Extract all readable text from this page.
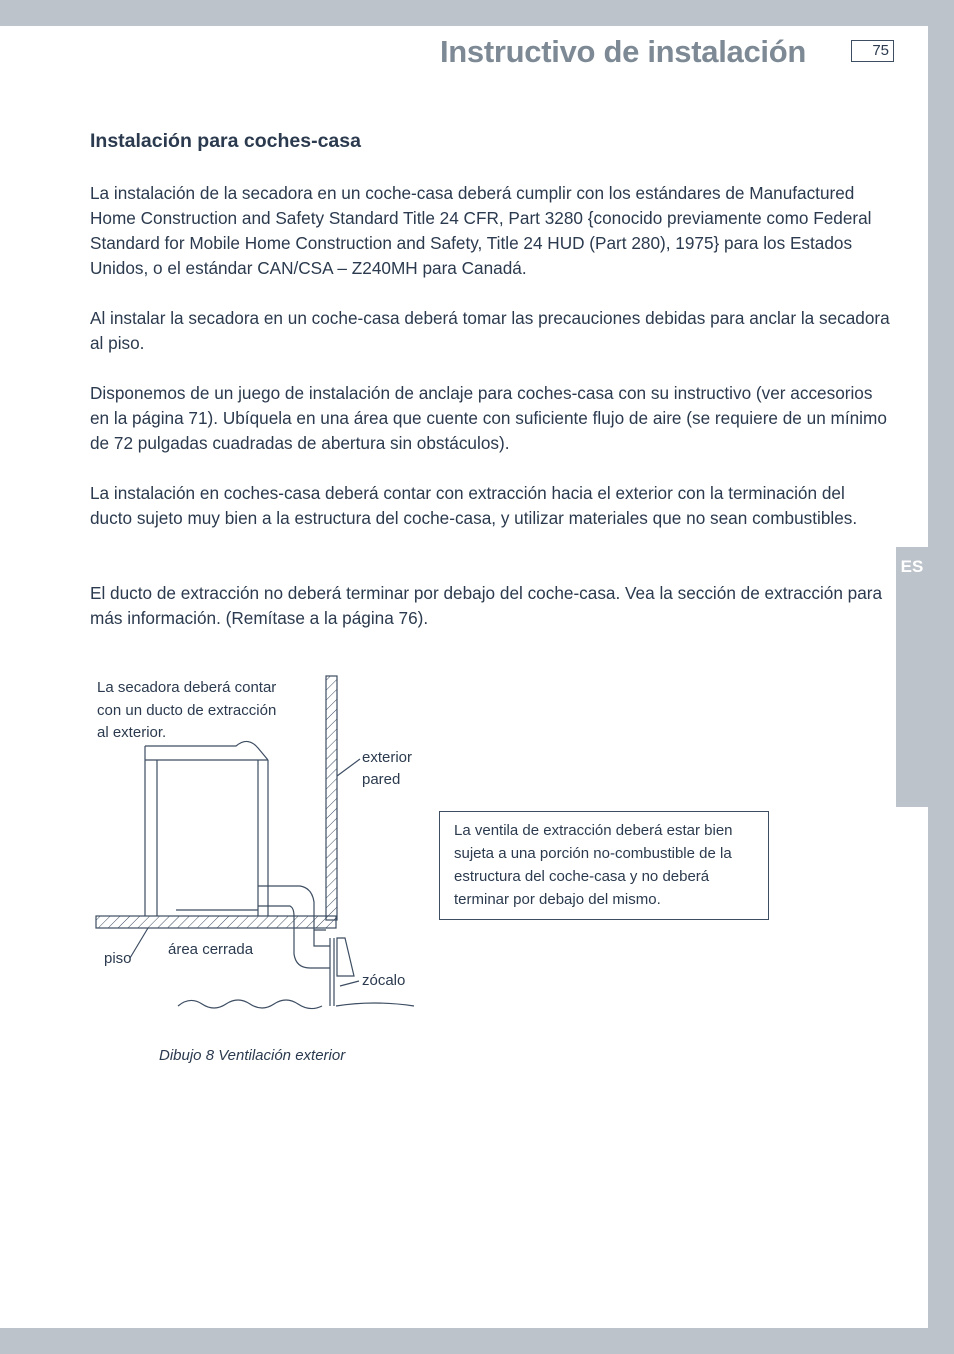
Instructivo de instalación	75
ES
Instalación para coches-casa

La instalación de la secadora en un coche-casa deberá cumplir con los estándares de Manufactured Home Construction and Safety Standard Title 24 CFR, Part 3280 {conocido previamente como Federal Standard for Mobile Home Construction and Safety, Title 24 HUD (Part 280), 1975} para los Estados Unidos, o el estándar CAN/CSA – Z240MH para Canadá.

Al instalar la secadora en un coche-casa deberá tomar las precauciones debidas para anclar la secadora al piso.

Disponemos de un juego de instalación de anclaje para coches-casa con su instructivo (ver accesorios en la página 71). Ubíquela en una área que cuente con suficiente flujo de aire (se requiere de un mínimo de 72 pulgadas cuadradas de abertura sin obstáculos).

La instalación en coches-casa deberá contar con extracción hacia el exterior con la terminación del ducto sujeto muy bien a la estructura del coche-casa, y utilizar materiales que no sean combustibles.

El ducto de extracción no deberá terminar por debajo del coche-casa. Vea la sección de extracción para más información. (Remítase a la página 76).

La secadora deberá contar
con un ducto de extracción
al exterior.
exterior
pared
piso
área cerrada
zócalo
La ventila de extracción deberá estar bien sujeta a una porción no-combustible de la estructura del coche-casa y no deberá terminar por debajo del mismo.
Dibujo 8 Ventilación exterior
